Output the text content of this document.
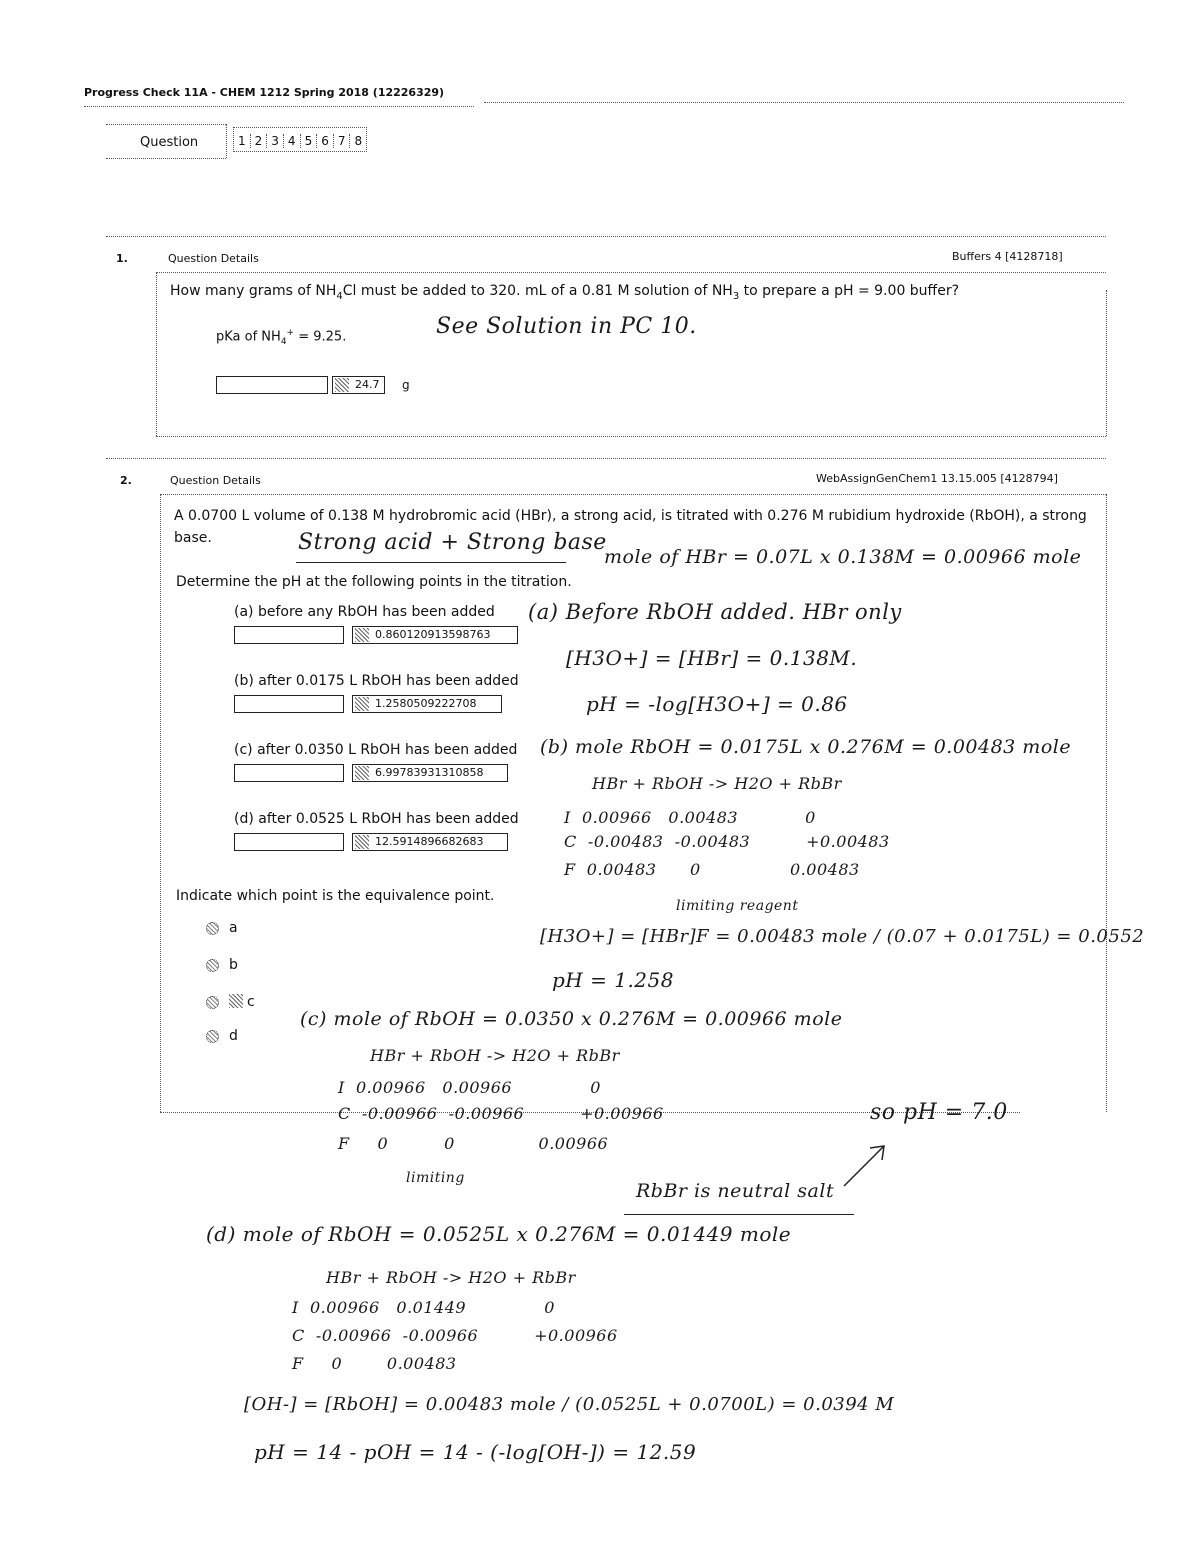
Progress Check 11A - CHEM 1212 Spring 2018 (12226329)
Question	1 2 3 4 5 6 7 8
1.	Question Details	Buffers 4 [4128718]
How many grams of $NH_4Cl$ must be added to 320. mL of a 0.81 M solution of $NH_3$ to prepare a pH = 9.00 buffer?
pKa of $NH_4^+ = 9.25$.	See Solution in PC 10.
24.7	g
2.	Question Details	WebAssignGenChem1 13.15.005 [4128794]
A 0.0700 L volume of 0.138 M hydrobromic acid (HBr), a strong acid, is titrated with 0.276 M rubidium hydroxide (RbOH), a strong base.
Determine the pH at the following points in the titration.
(a) before any RbOH has been added
0.860120913598763
(b) after 0.0175 L RbOH has been added
1.2580509222708
(c) after 0.0350 L RbOH has been added
6.99783931310858
(d) after 0.0525 L RbOH has been added
12.5914896682683
Indicate which point is the equivalence point.
a
b
c
d
Strong acid + Strong base
mole of HBr = 0.07L x 0.138M = 0.00966 mole
(a) Before RbOH added. HBr only
[H3O+] = [HBr] = 0.138M.
pH = -log[H3O+] = 0.86
(b) mole RbOH = 0.0175L x 0.276M = 0.00483 mole
HBr + RbOH -> H2O + RbBr
I  0.00966   0.00483            0
C  -0.00483  -0.00483          +0.00483
F  0.00483      0                0.00483
limiting reagent
[H3O+] = [HBr]F = 0.00483 mole / (0.07 + 0.0175L) = 0.0552
pH = 1.258
(c) mole of RbOH = 0.0350 x 0.276M = 0.00966 mole
HBr + RbOH -> H2O + RbBr
I  0.00966   0.00966              0
C  -0.00966  -0.00966          +0.00966
F     0          0               0.00966
so pH = 7.0
limiting
RbBr is neutral salt
(d) mole of RbOH = 0.0525L x 0.276M = 0.01449 mole
HBr + RbOH -> H2O + RbBr
I  0.00966   0.01449              0
C  -0.00966  -0.00966          +0.00966
F     0        0.00483
[OH-] = [RbOH] = 0.00483 mole / (0.0525L + 0.0700L) = 0.0394 M
pH = 14 - pOH = 14 - (-log[OH-]) = 12.59
